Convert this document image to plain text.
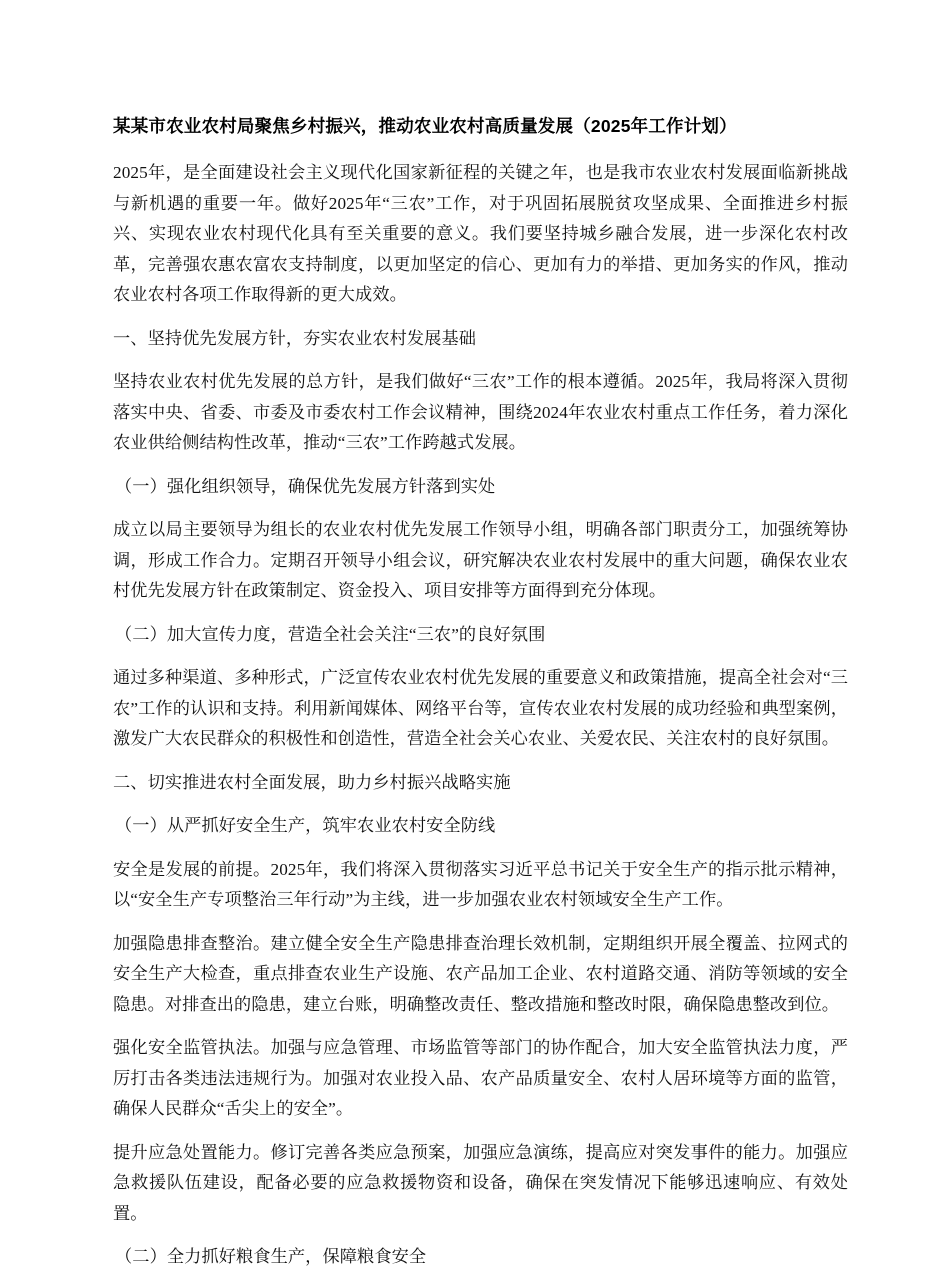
某某市农业农村局聚焦乡村振兴，推动农业农村高质量发展（2025年工作计划）

2025年，是全面建设社会主义现代化国家新征程的关键之年，也是我市农业农村发展面临新挑战与新机遇的重要一年。做好2025年“三农”工作，对于巩固拓展脱贫攻坚成果、全面推进乡村振兴、实现农业农村现代化具有至关重要的意义。我们要坚持城乡融合发展，进一步深化农村改革，完善强农惠农富农支持制度，以更加坚定的信心、更加有力的举措、更加务实的作风，推动农业农村各项工作取得新的更大成效。

一、坚持优先发展方针，夯实农业农村发展基础

坚持农业农村优先发展的总方针，是我们做好“三农”工作的根本遵循。2025年，我局将深入贯彻落实中央、省委、市委及市委农村工作会议精神，围绕2024年农业农村重点工作任务，着力深化农业供给侧结构性改革，推动“三农”工作跨越式发展。

（一）强化组织领导，确保优先发展方针落到实处

成立以局主要领导为组长的农业农村优先发展工作领导小组，明确各部门职责分工，加强统筹协调，形成工作合力。定期召开领导小组会议，研究解决农业农村发展中的重大问题，确保农业农村优先发展方针在政策制定、资金投入、项目安排等方面得到充分体现。

（二）加大宣传力度，营造全社会关注“三农”的良好氛围

通过多种渠道、多种形式，广泛宣传农业农村优先发展的重要意义和政策措施，提高全社会对“三农”工作的认识和支持。利用新闻媒体、网络平台等，宣传农业农村发展的成功经验和典型案例，激发广大农民群众的积极性和创造性，营造全社会关心农业、关爱农民、关注农村的良好氛围。

二、切实推进农村全面发展，助力乡村振兴战略实施

（一）从严抓好安全生产，筑牢农业农村安全防线

安全是发展的前提。2025年，我们将深入贯彻落实习近平总书记关于安全生产的指示批示精神，以“安全生产专项整治三年行动”为主线，进一步加强农业农村领域安全生产工作。

加强隐患排查整治。建立健全安全生产隐患排查治理长效机制，定期组织开展全覆盖、拉网式的安全生产大检查，重点排查农业生产设施、农产品加工企业、农村道路交通、消防等领域的安全隐患。对排查出的隐患，建立台账，明确整改责任、整改措施和整改时限，确保隐患整改到位。

强化安全监管执法。加强与应急管理、市场监管等部门的协作配合，加大安全监管执法力度，严厉打击各类违法违规行为。加强对农业投入品、农产品质量安全、农村人居环境等方面的监管，确保人民群众“舌尖上的安全”。

提升应急处置能力。修订完善各类应急预案，加强应急演练，提高应对突发事件的能力。加强应急救援队伍建设，配备必要的应急救援物资和设备，确保在突发情况下能够迅速响应、有效处置。

（二）全力抓好粮食生产，保障粮食安全
